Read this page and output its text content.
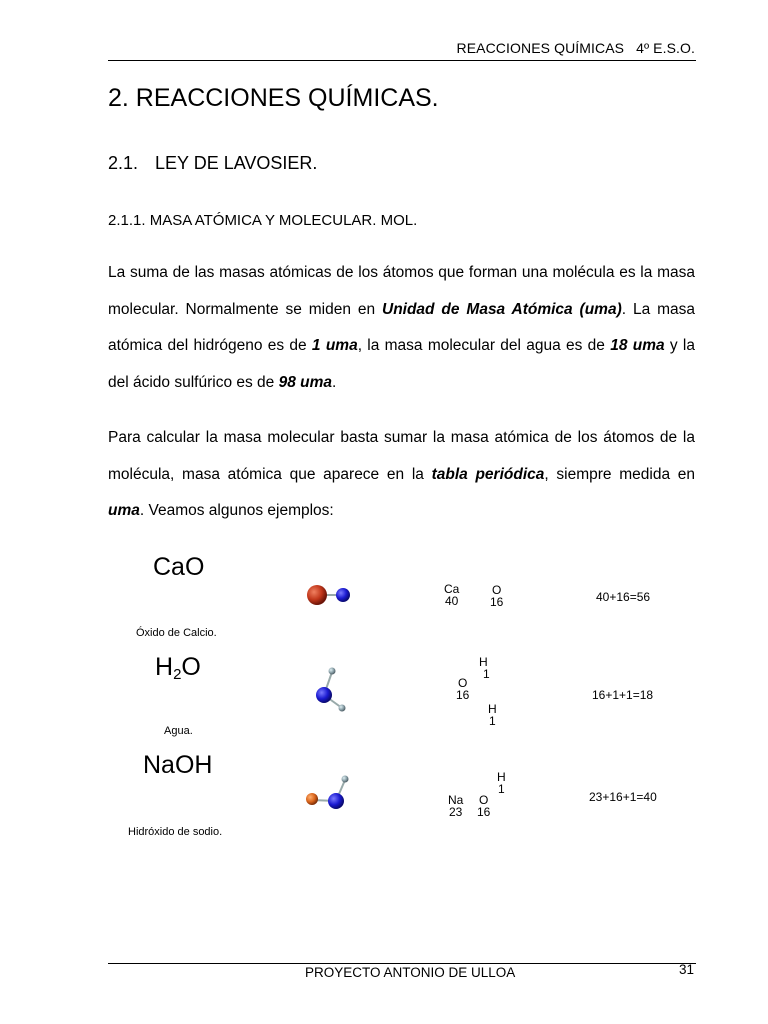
REACCIONES QUÍMICAS   4º E.S.O.
2. REACCIONES QUÍMICAS.
2.1. LEY DE LAVOSIER.
2.1.1. MASA ATÓMICA Y MOLECULAR. MOL.
La suma de las masas atómicas de los átomos que forman una molécula es la masa molecular. Normalmente se miden en Unidad de Masa Atómica (uma). La masa atómica del hidrógeno es de 1 uma, la masa molecular del agua es de 18 uma y la del ácido sulfúrico es de 98 uma.
Para calcular la masa molecular basta sumar la masa atómica de los átomos de la molécula, masa atómica que aparece en la tabla periódica, siempre medida en uma. Veamos algunos ejemplos:
CaO
Óxido de Calcio.
Ca
40
O
16	40+16=56
$H_2O$
Agua.
H
1
O
16
H
1
16+1+1=18
NaOH
Hidróxido de sodio.
H
1
Na
23
O
16
23+16+1=40
PROYECTO ANTONIO DE ULLOA	31
